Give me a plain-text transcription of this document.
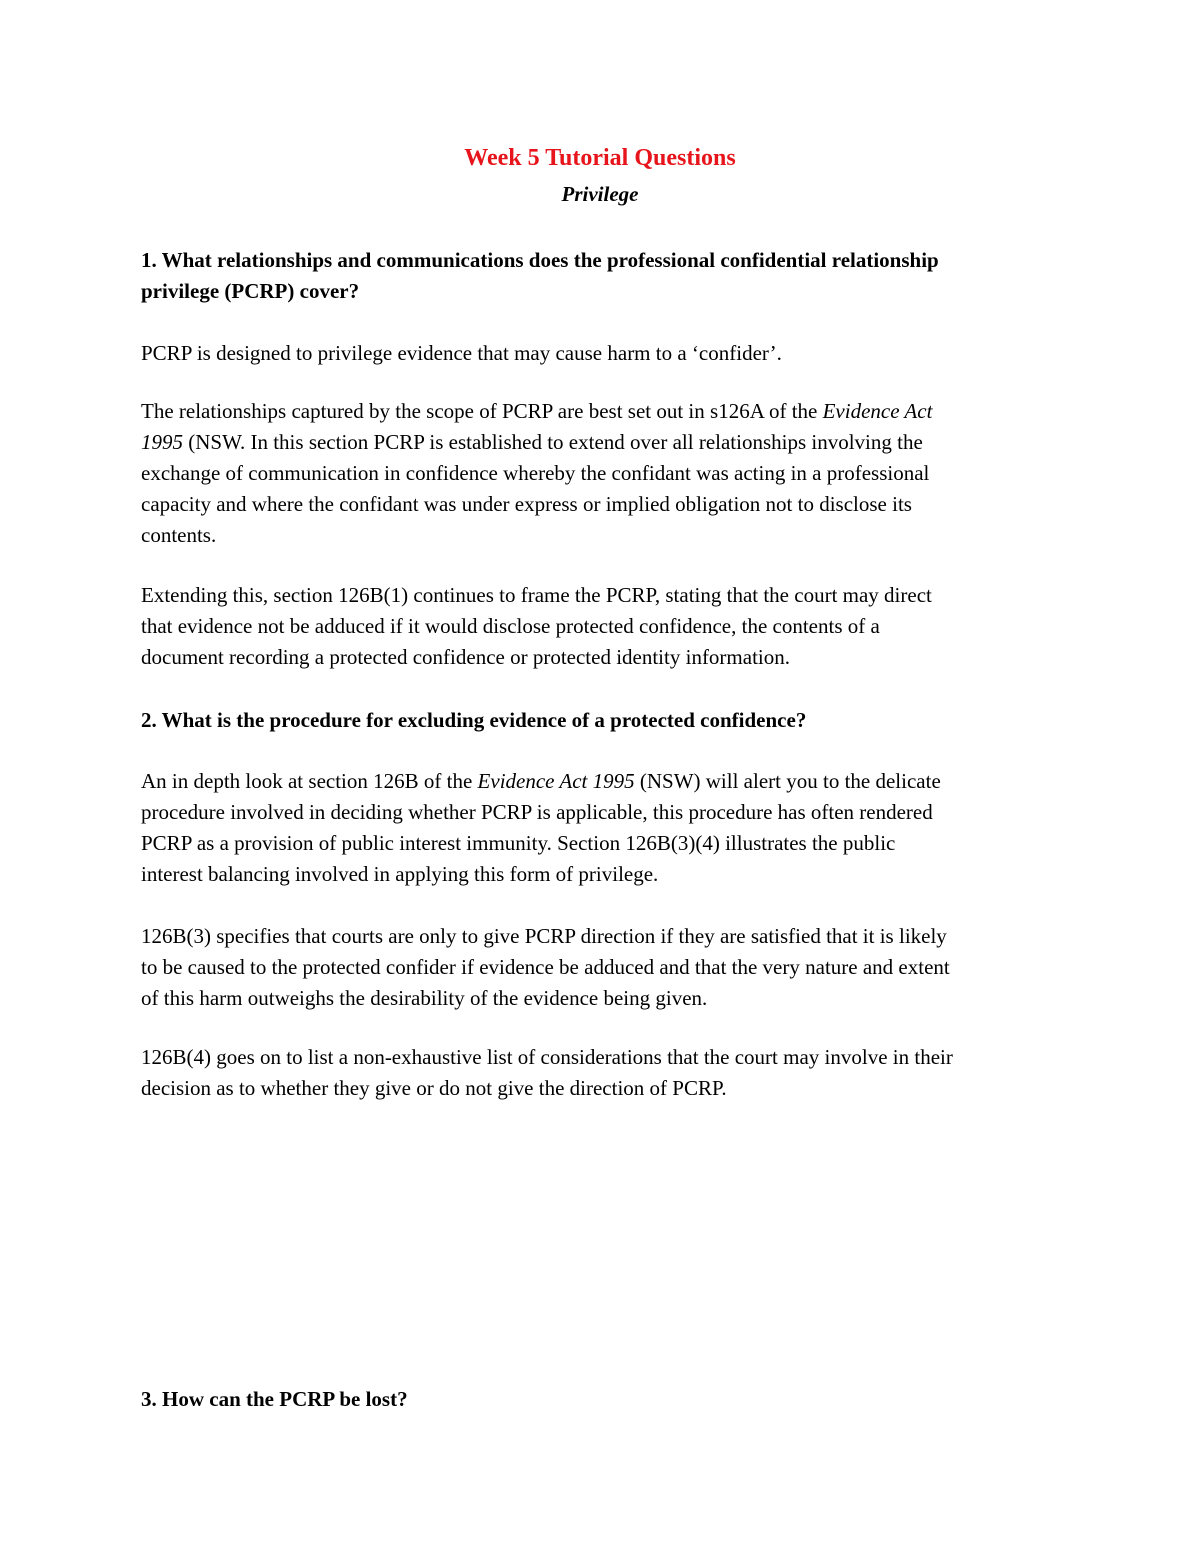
Week 5 Tutorial Questions
Privilege
1. What relationships and communications does the professional confidential relationship
privilege (PCRP) cover?
PCRP is designed to privilege evidence that may cause harm to a ‘confider’.
The relationships captured by the scope of PCRP are best set out in s126A of the Evidence Act
1995 (NSW. In this section PCRP is established to extend over all relationships involving the
exchange of communication in confidence whereby the confidant was acting in a professional
capacity and where the confidant was under express or implied obligation not to disclose its
contents.
Extending this, section 126B(1) continues to frame the PCRP, stating that the court may direct
that evidence not be adduced if it would disclose protected confidence, the contents of a
document recording a protected confidence or protected identity information.
2. What is the procedure for excluding evidence of a protected confidence?
An in depth look at section 126B of the Evidence Act 1995 (NSW) will alert you to the delicate
procedure involved in deciding whether PCRP is applicable, this procedure has often rendered
PCRP as a provision of public interest immunity. Section 126B(3)(4) illustrates the public
interest balancing involved in applying this form of privilege.
126B(3) specifies that courts are only to give PCRP direction if they are satisfied that it is likely
to be caused to the protected confider if evidence be adduced and that the very nature and extent
of this harm outweighs the desirability of the evidence being given.
126B(4) goes on to list a non-exhaustive list of considerations that the court may involve in their
decision as to whether they give or do not give the direction of PCRP.
3. How can the PCRP be lost?
